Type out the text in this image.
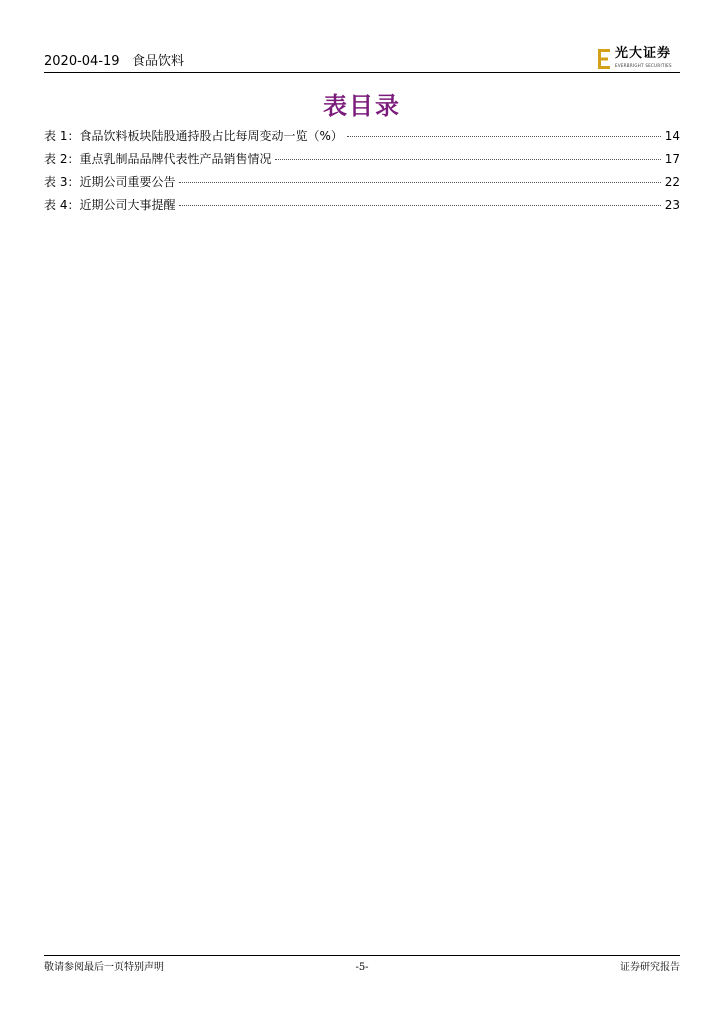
2020-04-19 食品饮料
光大证券
EVERBRIGHT SECURITIES
表目录
表 1：食品饮料板块陆股通持股占比每周变动一览（%）	14
表 2：重点乳制品品牌代表性产品销售情况	17
表 3：近期公司重要公告	22
表 4：近期公司大事提醒	23
敬请参阅最后一页特别声明	-5-	证券研究报告
